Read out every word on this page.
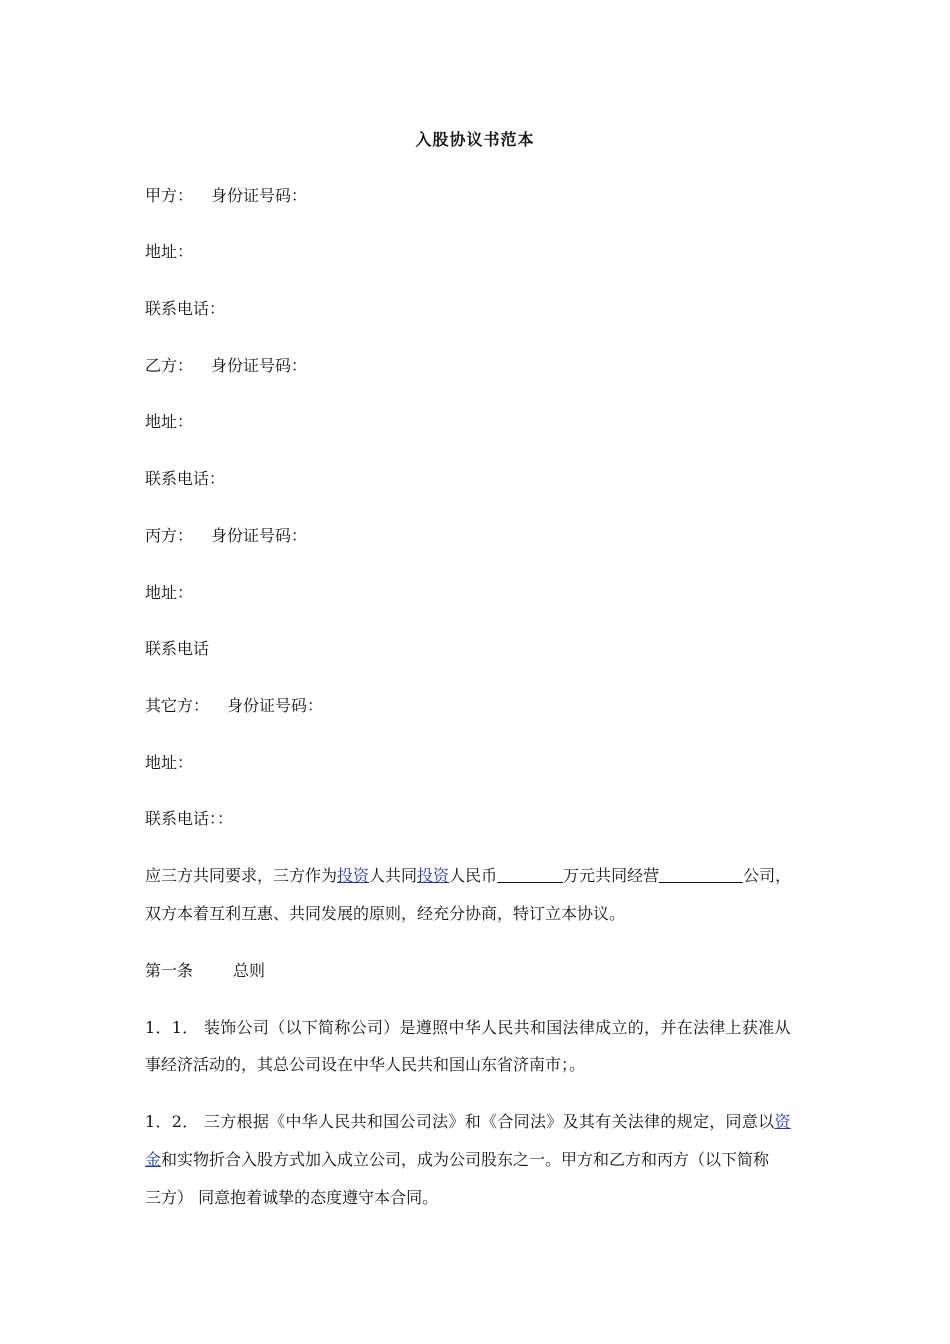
入股协议书范本
甲方： 身份证号码：
地址：
联系电话：
乙方： 身份证号码：
地址：
联系电话：
丙方： 身份证号码：
地址：
联系电话
其它方： 身份证号码：
地址：
联系电话：：
应三方共同要求，三方作为投资人共同投资人民币	万元共同经营	公司，
双方本着互利互惠、共同发展的原则，经充分协商，特订立本协议。
第一条	总则
1．1． 装饰公司（以下简称公司）是遵照中华人民共和国法律成立的，并在法律上获准从
事经济活动的，其总公司设在中华人民共和国山东省济南市；。
1．2． 三方根据《中华人民共和国公司法》和《合同法》及其有关法律的规定，同意以资
金和实物折合入股方式加入成立公司，成为公司股东之一。甲方和乙方和丙方（以下简称
三方） 同意抱着诚挚的态度遵守本合同。
